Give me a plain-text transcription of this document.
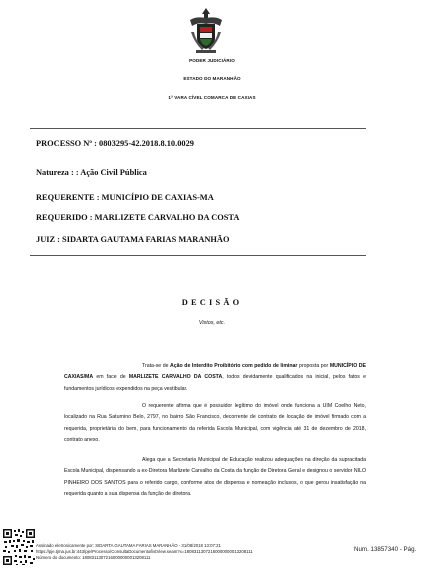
PODER JUDICIÁRIO
ESTADO DO MARANHÃO
1ª VARA CÍVEL COMARCA DE CAXIAS
PROCESSO Nº : 0803295-42.2018.8.10.0029
Natureza : : Ação Civil Pública
REQUERENTE : MUNICÍPIO DE CAXIAS-MA
REQUERIDO : MARLIZETE CARVALHO DA COSTA
JUIZ : SIDARTA GAUTAMA FARIAS MARANHÃO
DECISÃO
Vistos, etc.

Trata-se de Ação de Interdito Proibitório com pedido de liminar proposta por MUNICÍPIO DE CAXIAS/MA em face de MARLIZETE CARVALHO DA COSTA, todos devidamente qualificados na inicial, pelos fatos e fundamentos jurídicos expendidos na peça vestibular.

O requerente afirma que é possuidor legítimo do imóvel onde funciona a UIM Coelho Neto, localizado na Rua Saturnino Belo, 2797, no bairro São Francisco, decorrente de contrato de locação de imóvel firmado com a requerida, proprietária do bem, para funcionamento da referida Escola Municipal, com vigência até 31 de dezembro de 2018, contrato anexo.

Alega que a Secretaria Municipal de Educação realizou adequações na direção da supracitada Escola Municipal, dispensando a ex-Diretora Marlizete Carvalho da Costa da função de Diretora Geral e designou o servidor NILO PINHEIRO DOS SANTOS para o referido cargo, conforme atos de dispensa e nomeação inclusos, o que gerou insatisfação na requerida quanto a sua dispensa da função de diretora.

Assinado eletronicamente por: SIDARTA GAUTAMA FARIAS MARANHÃO - 31/08/2018 13:07:21
https://pje.tjma.jus.br:443/pje/Processo/ConsultaDocumento/listView.seam?x=18083113072160000000013208111
Número do documento: 18083113072160000000013208111
Num. 13857340 - Pág.
